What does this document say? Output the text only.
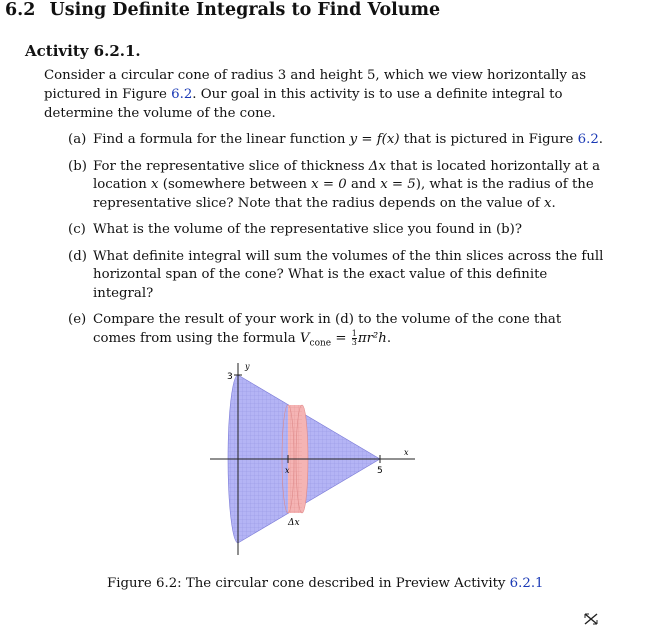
6.2 Using Definite Integrals to Find Volume
Activity 6.2.1.
Consider a circular cone of radius 3 and height 5, which we view horizontally as pictured in Figure 6.2. Our goal in this activity is to use a definite integral to determine the volume of the cone.
(a) Find a formula for the linear function y = f(x) that is pictured in Figure 6.2.
(b) For the representative slice of thickness Δx that is located horizontally at a location x (somewhere between x = 0 and x = 5), what is the radius of the representative slice? Note that the radius depends on the value of x.
(c) What is the volume of the representative slice you found in (b)?
(d) What definite integral will sum the volumes of the thin slices across the full horizontal span of the cone? What is the exact value of this definite integral?
(e) Compare the result of your work in (d) to the volume of the cone that comes from using the formula $V_{cone} = \frac{1}{3} \pi r^2h$.
y
3
x
5
x
Δx
Figure 6.2: The circular cone described in Preview Activity 6.2.1
